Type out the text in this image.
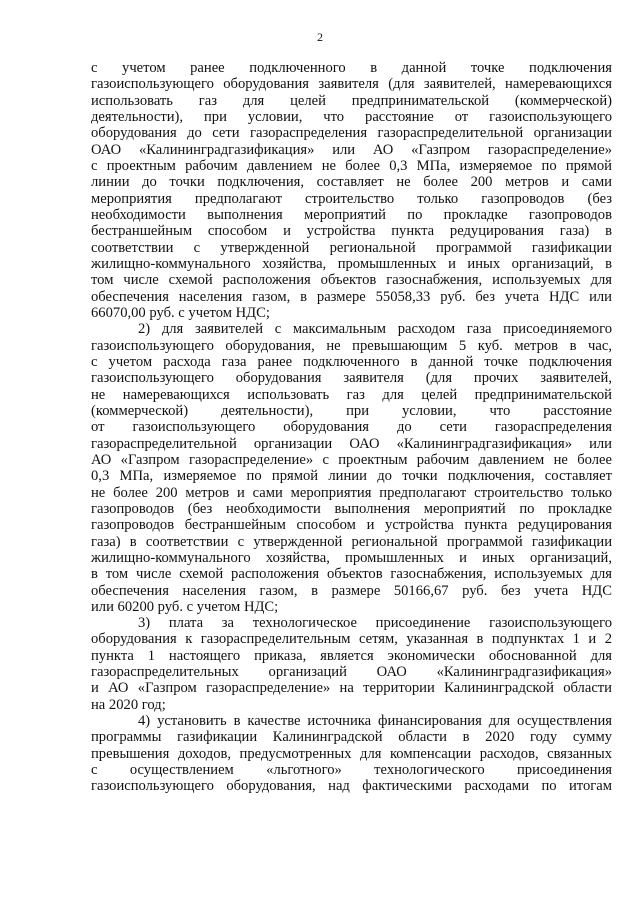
2
с учетом ранее подключенного в данной точке подключения
газоиспользующего оборудования заявителя (для заявителей, намеревающихся
использовать газ для целей предпринимательской (коммерческой)
деятельности), при условии, что расстояние от газоиспользующего
оборудования до сети газораспределения газораспределительной организации
ОАО «Калининградгазификация» или АО «Газпром газораспределение»
с проектным рабочим давлением не более 0,3 МПа, измеряемое по прямой
линии до точки подключения, составляет не более 200 метров и сами
мероприятия предполагают строительство только газопроводов (без
необходимости выполнения мероприятий по прокладке газопроводов
бестраншейным способом и устройства пункта редуцирования газа) в
соответствии с утвержденной региональной программой газификации
жилищно-коммунального хозяйства, промышленных и иных организаций, в
том числе схемой расположения объектов газоснабжения, используемых для
обеспечения населения газом, в размере 55058,33 руб. без учета НДС или
66070,00 руб. с учетом НДС;
2) для заявителей с максимальным расходом газа присоединяемого
газоиспользующего оборудования, не превышающим 5 куб. метров в час,
с учетом расхода газа ранее подключенного в данной точке подключения
газоиспользующего оборудования заявителя (для прочих заявителей,
не намеревающихся использовать газ для целей предпринимательской
(коммерческой) деятельности), при условии, что расстояние
от газоиспользующего оборудования до сети газораспределения
газораспределительной организации ОАО «Калининградгазификация» или
АО «Газпром газораспределение» с проектным рабочим давлением не более
0,3 МПа, измеряемое по прямой линии до точки подключения, составляет
не более 200 метров и сами мероприятия предполагают строительство только
газопроводов (без необходимости выполнения мероприятий по прокладке
газопроводов бестраншейным способом и устройства пункта редуцирования
газа) в соответствии с утвержденной региональной программой газификации
жилищно-коммунального хозяйства, промышленных и иных организаций,
в том числе схемой расположения объектов газоснабжения, используемых для
обеспечения населения газом, в размере 50166,67 руб. без учета НДС
или 60200 руб. с учетом НДС;
3) плата за технологическое присоединение газоиспользующего
оборудования к газораспределительным сетям, указанная в подпунктах 1 и 2
пункта 1 настоящего приказа, является экономически обоснованной для
газораспределительных организаций ОАО «Калининградгазификация»
и АО «Газпром газораспределение» на территории Калининградской области
на 2020 год;
4) установить в качестве источника финансирования для осуществления
программы газификации Калининградской области в 2020 году сумму
превышения доходов, предусмотренных для компенсации расходов, связанных
с осуществлением «льготного» технологического присоединения
газоиспользующего оборудования, над фактическими расходами по итогам
